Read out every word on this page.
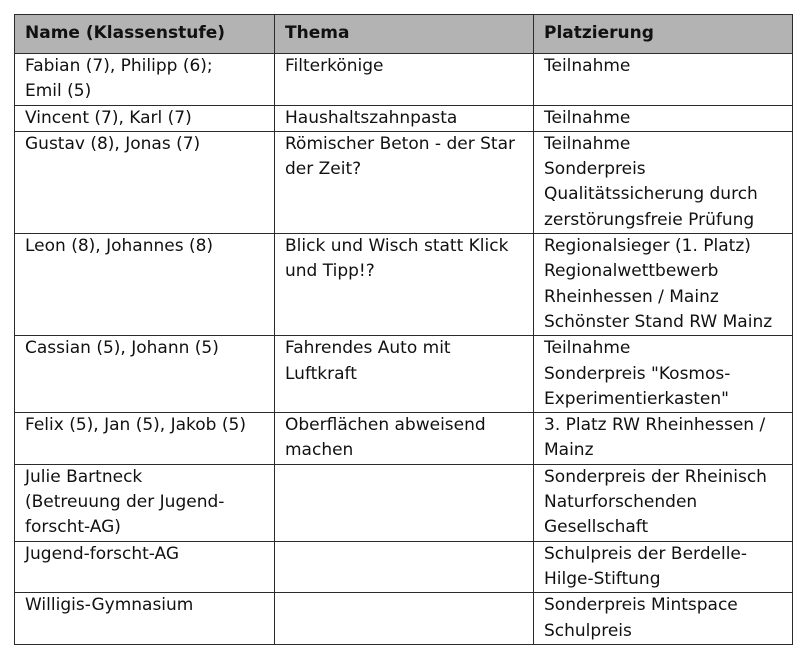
Name (Klassenstufe)	Thema	Platzierung

Fabian (7), Philipp (6);
Emil (5)	Filterkönige	Teilnahme

Vincent (7), Karl (7)	Haushaltszahnpasta	Teilnahme

Gustav (8), Jonas (7)	Römischer Beton - der Star
der Zeit?	Teilnahme
Sonderpreis
Qualitätssicherung durch
zerstörungsfreie Prüfung

Leon (8), Johannes (8)	Blick und Wisch statt Klick
und Tipp!?	Regionalsieger (1. Platz)
Regionalwettbewerb
Rheinhessen / Mainz
Schönster Stand RW Mainz

Cassian (5), Johann (5)	Fahrendes Auto mit
Luftkraft	Teilnahme
Sonderpreis "Kosmos-
Experimentierkasten"

Felix (5), Jan (5), Jakob (5)	Oberflächen abweisend
machen	3. Platz RW Rheinhessen /
Mainz

Julie Bartneck
(Betreuung der Jugend-
forscht-AG)		Sonderpreis der Rheinisch
Naturforschenden
Gesellschaft

Jugend-forscht-AG		Schulpreis der Berdelle-
Hilge-Stiftung

Willigis-Gymnasium		Sonderpreis Mintspace
Schulpreis
